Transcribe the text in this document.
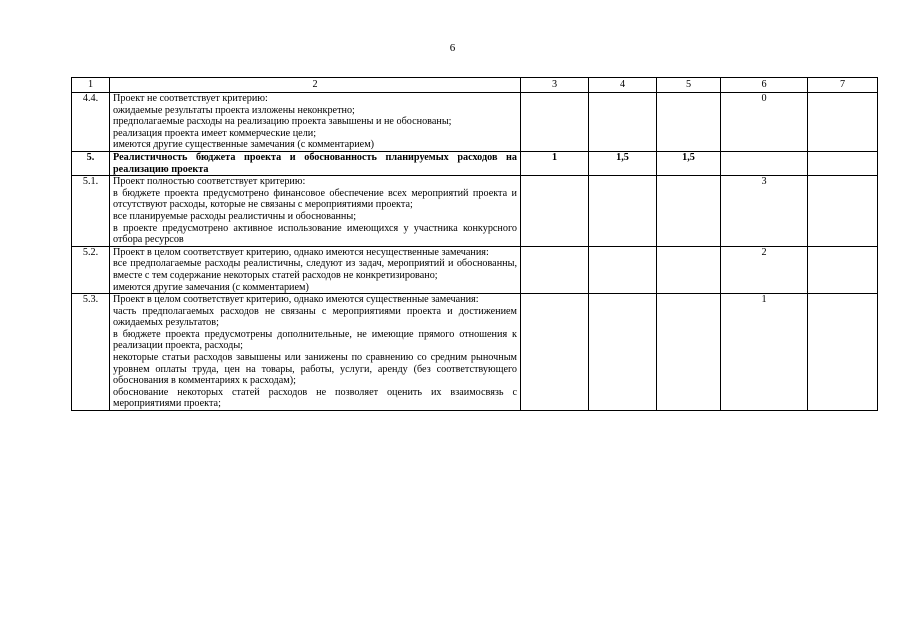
6
1	2	3	4	5	6	7
4.4.	Проект не соответствует критерию:
ожидаемые результаты проекта изложены неконкретно;
предполагаемые расходы на реализацию проекта завышены и не обоснованы;
реализация проекта имеет коммерческие цели;
имеются другие существенные замечания (с комментарием)				0	
5.	Реалистичность бюджета проекта и обоснованность планируемых расходов на реализацию проекта	1	1,5	1,5		
5.1.	Проект полностью соответствует критерию:
в бюджете проекта предусмотрено финансовое обеспечение всех мероприятий проекта и отсутствуют расходы, которые не связаны с мероприятиями проекта;
все планируемые расходы реалистичны и обоснованны;
в проекте предусмотрено активное использование имеющихся у участника конкурсного отбора ресурсов				3	
5.2.	Проект в целом соответствует критерию, однако имеются несущественные замечания:
все предполагаемые расходы реалистичны, следуют из задач, мероприятий и обоснованны, вместе с тем содержание некоторых статей расходов не конкретизировано;
имеются другие замечания (с комментарием)				2	
5.3.	Проект в целом соответствует критерию, однако имеются существенные замечания:
часть предполагаемых расходов не связаны с мероприятиями проекта и достижением ожидаемых результатов;
в бюджете проекта предусмотрены дополнительные, не имеющие прямого отношения к реализации проекта, расходы;
некоторые статьи расходов завышены или занижены по сравнению со средним рыночным уровнем оплаты труда, цен на товары, работы, услуги, аренду (без соответствующего обоснования в комментариях к расходам);
обоснование некоторых статей расходов не позволяет оценить их взаимосвязь с мероприятиями проекта;				1	
